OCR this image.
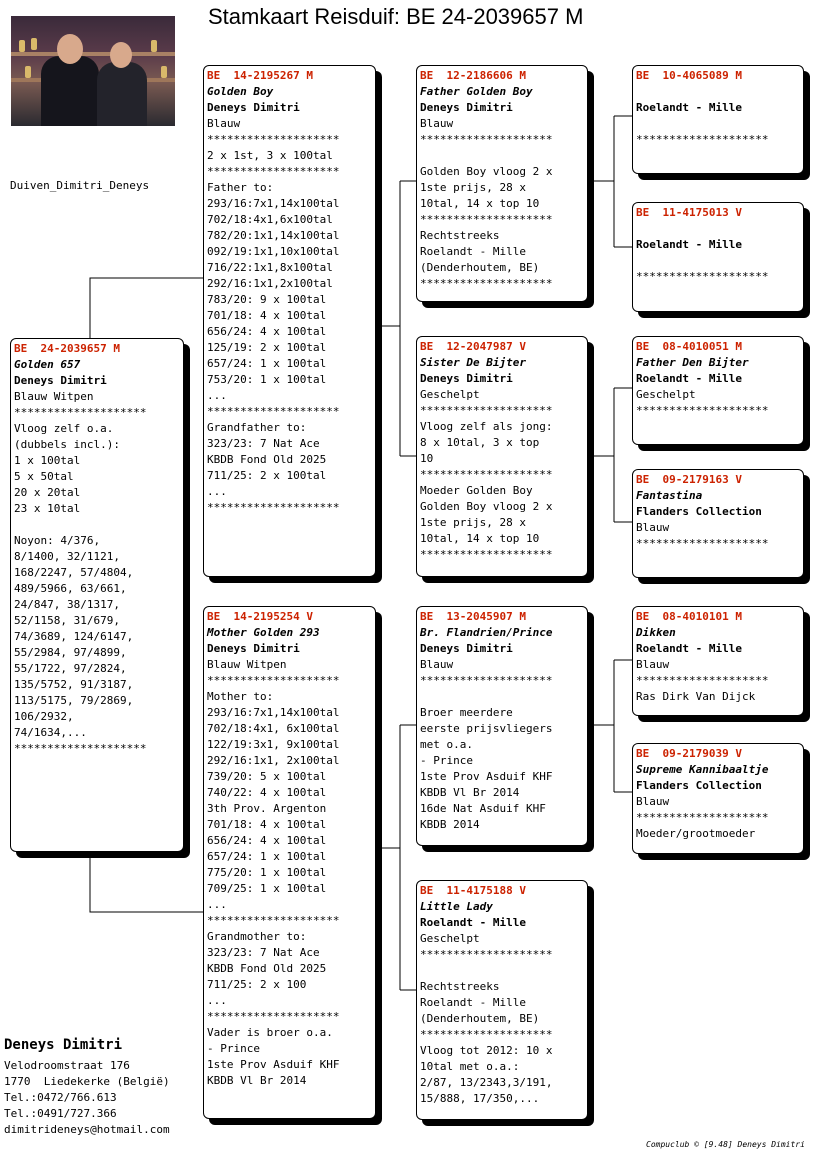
Stamkaart Reisduif: BE 24-2039657 M
Duiven_Dimitri_Deneys
BE  24-2039657 M
Golden 657
Deneys Dimitri
Blauw Witpen
********************
Vloog zelf o.a.
(dubbels incl.):
1 x 100tal
5 x 50tal
20 x 20tal
23 x 10tal
Noyon: 4/376,
8/1400, 32/1121,
168/2247, 57/4804,
489/5966, 63/661,
24/847, 38/1317,
52/1158, 31/679,
74/3689, 124/6147,
55/2984, 97/4899,
55/1722, 97/2824,
135/5752, 91/3187,
113/5175, 79/2869,
106/2932,
74/1634,...
********************
BE  14-2195267 M
Golden Boy
Deneys Dimitri
Blauw
********************
2 x 1st, 3 x 100tal
********************
Father to:
293/16:7x1,14x100tal
702/18:4x1,6x100tal
782/20:1x1,14x100tal
092/19:1x1,10x100tal
716/22:1x1,8x100tal
292/16:1x1,2x100tal
783/20: 9 x 100tal
701/18: 4 x 100tal
656/24: 4 x 100tal
125/19: 2 x 100tal
657/24: 1 x 100tal
753/20: 1 x 100tal
...
********************
Grandfather to:
323/23: 7 Nat Ace
KBDB Fond Old 2025
711/25: 2 x 100tal
...
********************
BE  14-2195254 V
Mother Golden 293
Deneys Dimitri
Blauw Witpen
********************
Mother to:
293/16:7x1,14x100tal
702/18:4x1, 6x100tal
122/19:3x1, 9x100tal
292/16:1x1, 2x100tal
739/20: 5 x 100tal
740/22: 4 x 100tal
3th Prov. Argenton
701/18: 4 x 100tal
656/24: 4 x 100tal
657/24: 1 x 100tal
775/20: 1 x 100tal
709/25: 1 x 100tal
...
********************
Grandmother to:
323/23: 7 Nat Ace
KBDB Fond Old 2025
711/25: 2 x 100
...
********************
Vader is broer o.a.
- Prince
1ste Prov Asduif KHF
KBDB Vl Br 2014
BE  12-2186606 M
Father Golden Boy
Deneys Dimitri
Blauw
********************
Golden Boy vloog 2 x
1ste prijs, 28 x
10tal, 14 x top 10
********************
Rechtstreeks
Roelandt - Mille
(Denderhoutem, BE)
********************
BE  12-2047987 V
Sister De Bijter
Deneys Dimitri
Geschelpt
********************
Vloog zelf als jong:
8 x 10tal, 3 x top
10
********************
Moeder Golden Boy
Golden Boy vloog 2 x
1ste prijs, 28 x
10tal, 14 x top 10
********************
BE  13-2045907 M
Br. Flandrien/Prince
Deneys Dimitri
Blauw
********************
Broer meerdere
eerste prijsvliegers
met o.a.
- Prince
1ste Prov Asduif KHF
KBDB Vl Br 2014
16de Nat Asduif KHF
KBDB 2014
BE  11-4175188 V
Little Lady
Roelandt - Mille
Geschelpt
********************
Rechtstreeks
Roelandt - Mille
(Denderhoutem, BE)
********************
Vloog tot 2012: 10 x
10tal met o.a.:
2/87, 13/2343,3/191,
15/888, 17/350,...
BE  10-4065089 M
Roelandt - Mille
********************
BE  11-4175013 V
Roelandt - Mille
********************
BE  08-4010051 M
Father Den Bijter
Roelandt - Mille
Geschelpt
********************
BE  09-2179163 V
Fantastina
Flanders Collection
Blauw
********************
BE  08-4010101 M
Dikken
Roelandt - Mille
Blauw
********************
Ras Dirk Van Dijck
BE  09-2179039 V
Supreme Kannibaaltje
Flanders Collection
Blauw
********************
Moeder/grootmoeder
Deneys Dimitri
Velodroomstraat 176
1770  Liedekerke (België)
Tel.:0472/766.613
Tel.:0491/727.366
dimitrideneys@hotmail.com
Compuclub © [9.48] Deneys Dimitri
